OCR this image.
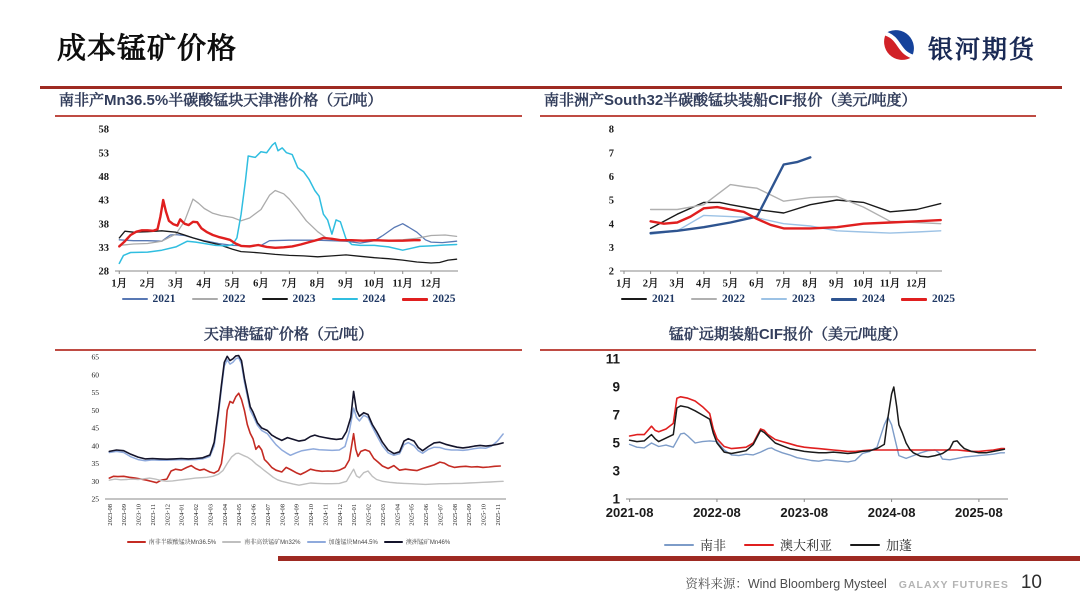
成本锰矿价格	银河期货
南非产Mn36.5%半碳酸锰块天津港价格（元/吨）
28
33
38
43
48
53
58
1月 2月 3月 4月 5月 6月 7月 8月 9月 10月 11月 12月
2021	2022	2023	2024	2025
南非洲产South32半碳酸锰块装船CIF报价（美元/吨度）
2
3
4
5
6
7
8
1月 2月 3月 4月 5月 6月 7月 8月 9月 10月 11月 12月
2021	2022	2023	2024	2025
天津港锰矿价格（元/吨）
25
30
35
40
45
50
55
60
65
2023-08 2023-09 2023-10 2023-11 2023-12 2024-01 2024-02 2024-03 2024-04 2024-05 2024-06 2024-07 2024-08 2024-09 2024-10 2024-11 2024-12 2025-01 2025-02 2025-03 2025-04 2025-05 2025-06 2025-07 2025-08 2025-09 2025-10 2025-11
南非半碳酸锰块Mn36.5%	南非高铁锰矿Mn32%	加蓬锰块Mn44.5%	澳洲锰矿Mn46%
锰矿远期装船CIF报价（美元/吨度）
1
3
5
7
9
11
2021-08	2022-08	2023-08	2024-08	2025-08
南非	澳大利亚	加蓬
资料来源：Wind Bloomberg Mysteel GALAXY FUTURES 10
